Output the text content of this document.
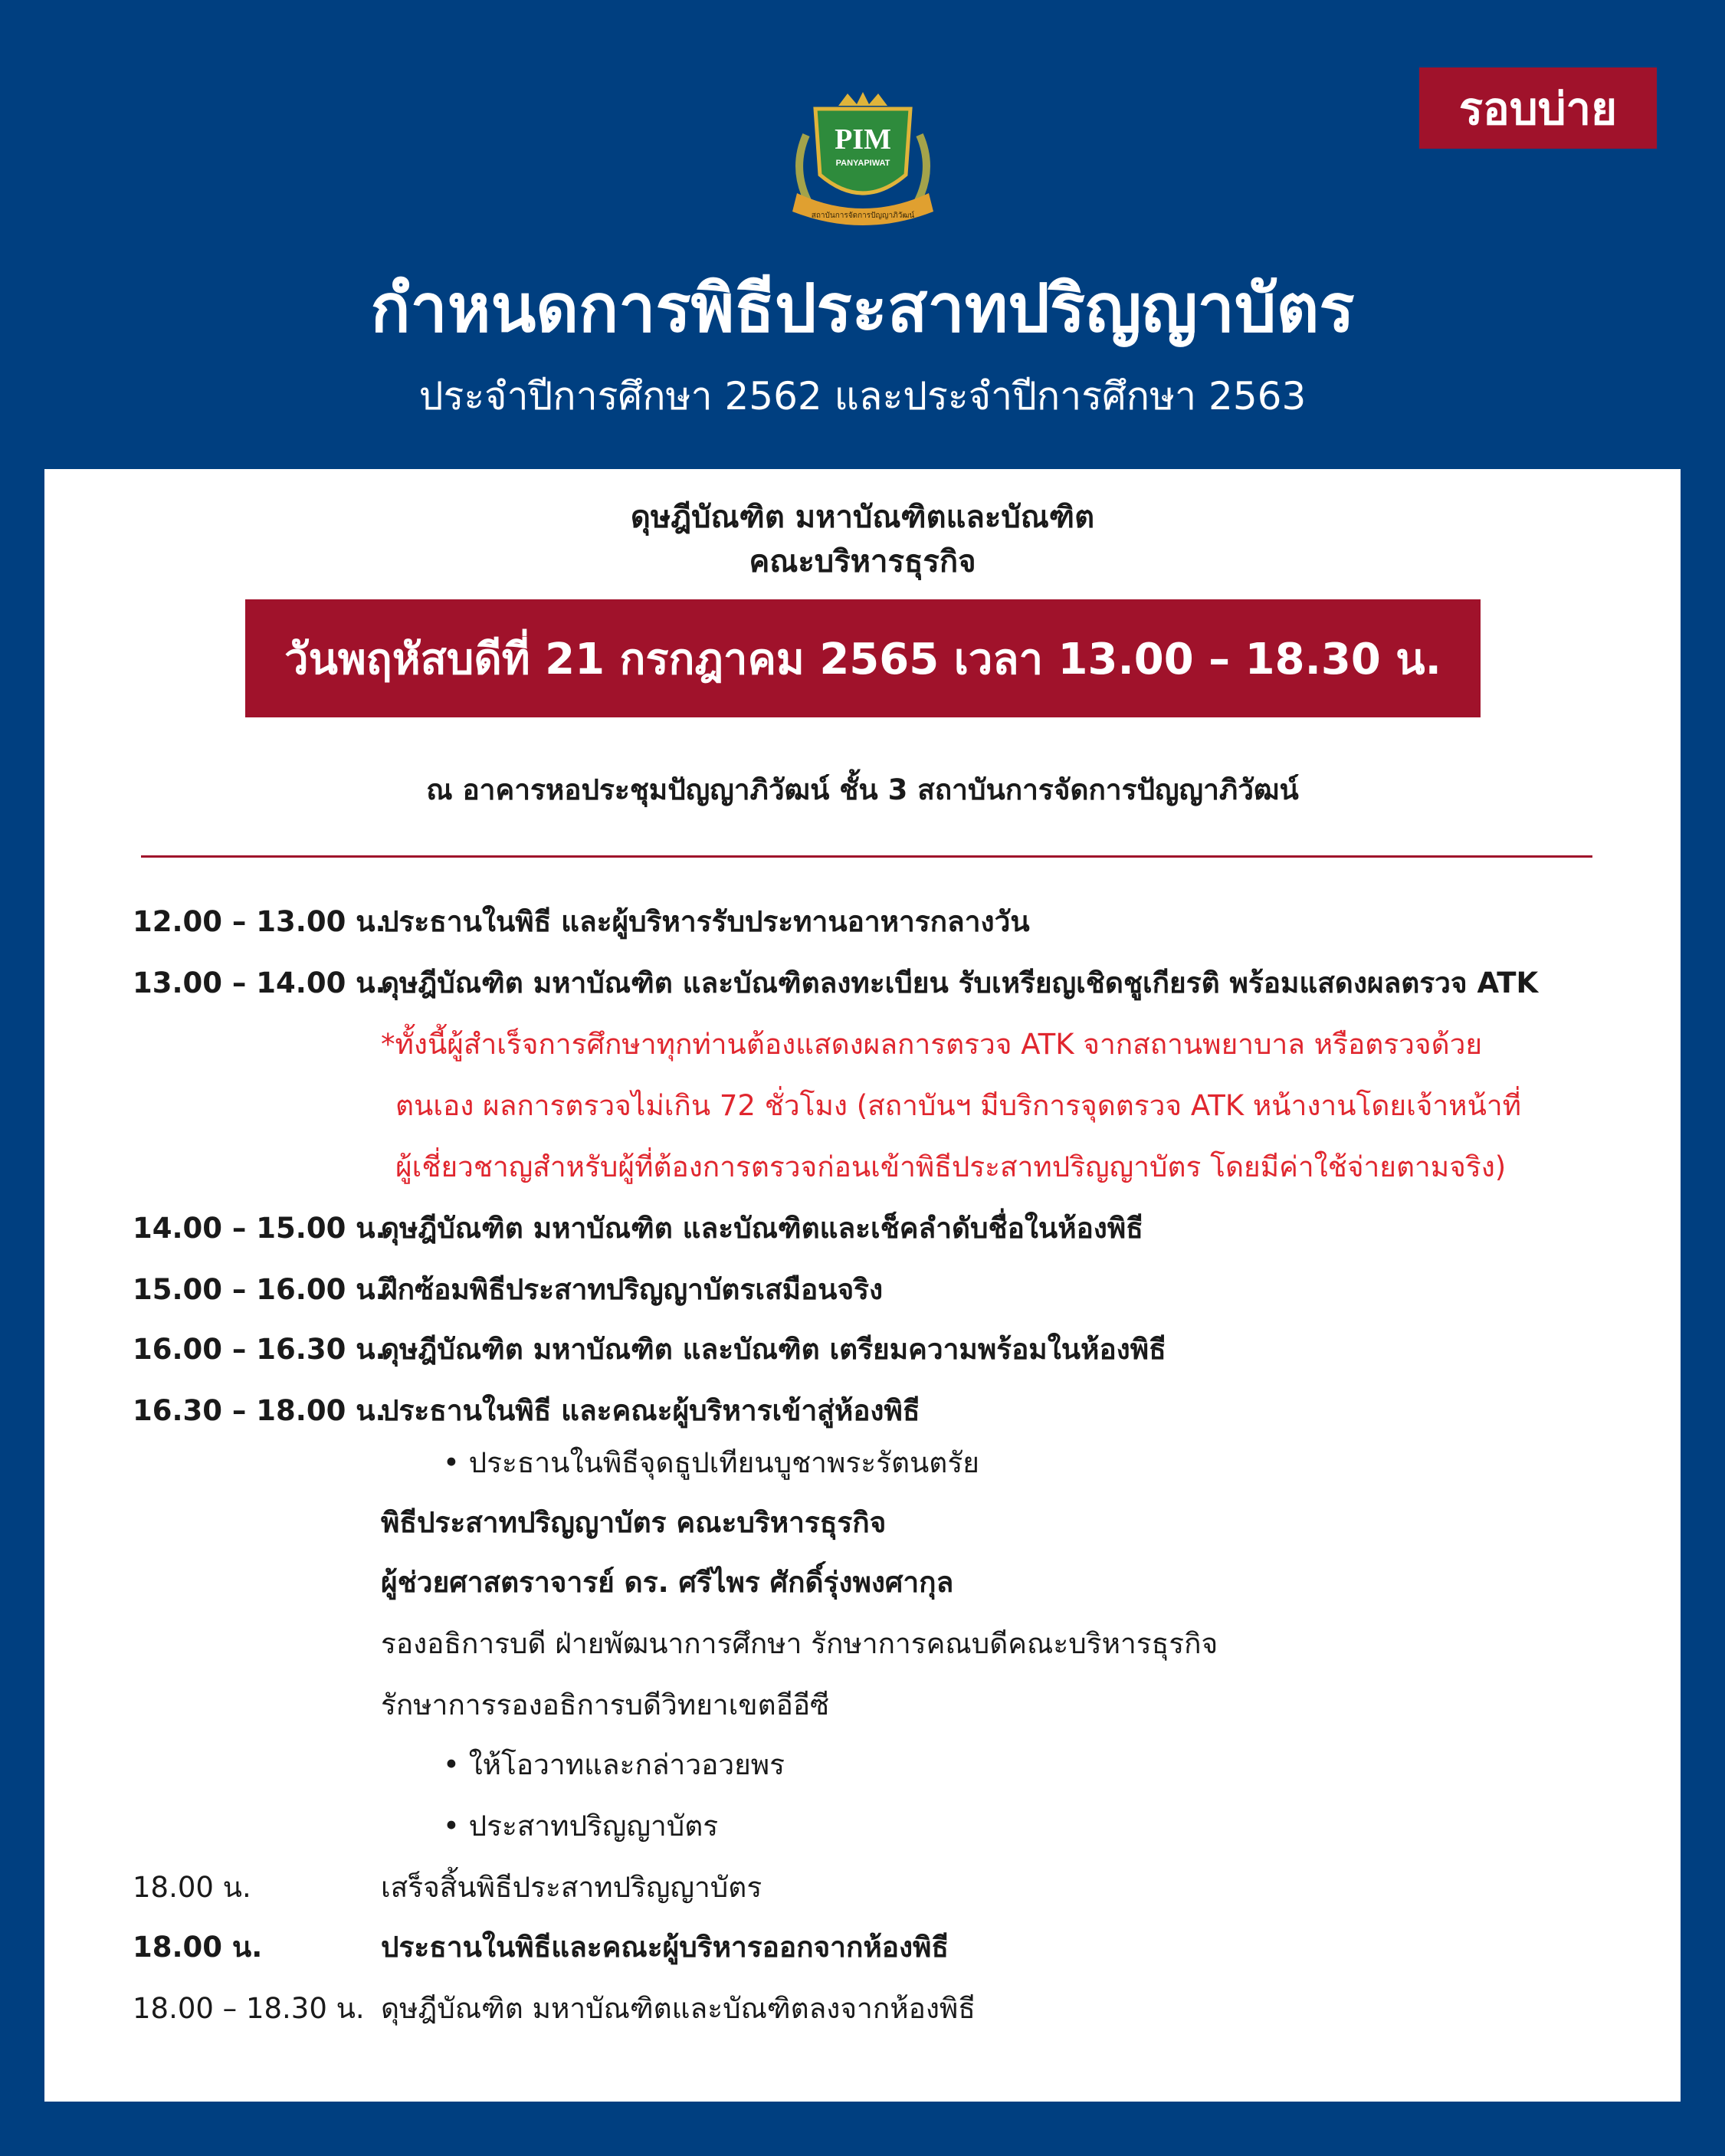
รอบบ่าย
PIM
PANYAPIWAT
สถาบันการจัดการปัญญาภิวัฒน์
กำหนดการพิธีประสาทปริญญาบัตร
ประจำปีการศึกษา 2562 และประจำปีการศึกษา 2563
ดุษฎีบัณฑิต มหาบัณฑิตและบัณฑิต
คณะบริหารธุรกิจ
วันพฤหัสบดีที่ 21 กรกฎาคม 2565 เวลา 13.00 – 18.30 น.
ณ อาคารหอประชุมปัญญาภิวัฒน์ ชั้น 3 สถาบันการจัดการปัญญาภิวัฒน์
12.00 – 13.00 น.
ประธานในพิธี และผู้บริหารรับประทานอาหารกลางวัน
13.00 – 14.00 น.
ดุษฎีบัณฑิต มหาบัณฑิต และบัณฑิตลงทะเบียน รับเหรียญเชิดชูเกียรติ พร้อมแสดงผลตรวจ ATK
*ทั้งนี้ผู้สำเร็จการศึกษาทุกท่านต้องแสดงผลการตรวจ ATK จากสถานพยาบาล หรือตรวจด้วย
ตนเอง ผลการตรวจไม่เกิน 72 ชั่วโมง (สถาบันฯ มีบริการจุดตรวจ ATK หน้างานโดยเจ้าหน้าที่
ผู้เชี่ยวชาญสำหรับผู้ที่ต้องการตรวจก่อนเข้าพิธีประสาทปริญญาบัตร โดยมีค่าใช้จ่ายตามจริง)
14.00 – 15.00 น.
ดุษฎีบัณฑิต มหาบัณฑิต และบัณฑิตและเช็คลำดับชื่อในห้องพิธี
15.00 – 16.00 น.
ฝึกซ้อมพิธีประสาทปริญญาบัตรเสมือนจริง
16.00 – 16.30 น.
ดุษฎีบัณฑิต มหาบัณฑิต และบัณฑิต เตรียมความพร้อมในห้องพิธี
16.30 – 18.00 น.
ประธานในพิธี และคณะผู้บริหารเข้าสู่ห้องพิธี
• ประธานในพิธีจุดธูปเทียนบูชาพระรัตนตรัย
พิธีประสาทปริญญาบัตร คณะบริหารธุรกิจ
ผู้ช่วยศาสตราจารย์ ดร. ศรีไพร ศักดิ์รุ่งพงศากุล
รองอธิการบดี ฝ่ายพัฒนาการศึกษา รักษาการคณบดีคณะบริหารธุรกิจ
รักษาการรองอธิการบดีวิทยาเขตอีอีซี
• ให้โอวาทและกล่าวอวยพร
• ประสาทปริญญาบัตร
18.00 น.	เสร็จสิ้นพิธีประสาทปริญญาบัตร
18.00 น.	ประธานในพิธีและคณะผู้บริหารออกจากห้องพิธี
18.00 – 18.30 น. ดุษฎีบัณฑิต มหาบัณฑิตและบัณฑิตลงจากห้องพิธี
